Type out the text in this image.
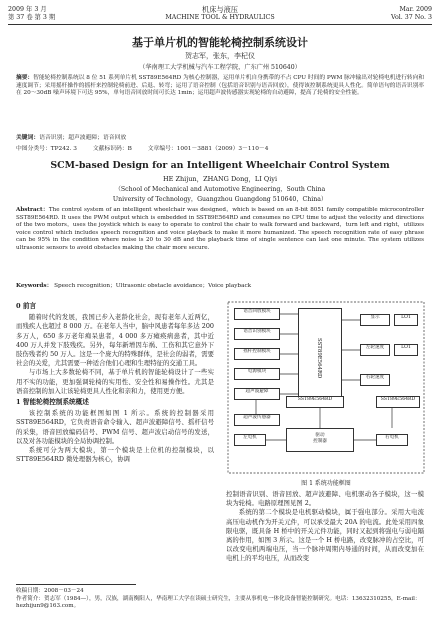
2009 年 3 月
第 37 卷 第 3 期
机床与液压
MACHINE TOOL & HYDRAULICS
Mar. 2009
Vol. 37 No. 3
基于单片机的智能轮椅控制系统设计
贺志军，张东，李杞仪
（华南理工大学机械与汽车工程学院，广东广州 510640）
摘要：智能轮椅控制系统以 8 位 51 系列单片机 SST89E564RD 为核心控制器，运用单片机自身携带的不占 CPU 时间的 PWM 脉冲输出对轮椅电机进行转向和速度调节；采用摇杆操作的摇杆来控制轮椅前进、后退、转弯；运用了语音控制（包括语音识别与语音回放），使得该控制系统更具人性化。简单语句的语音识别率在 20～30dB 噪声环境下可达 95%，单句语音回放时间可长达 1min；运用超声波传感器实现轮椅的自动避障，提高了轮椅的安全性能。
关键词：语音识别；超声波避障；语音回放
中图分类号：TP242. 3	文献标识码：B	文章编号：1001－3881（2009）3－110－4
SCM-based Design for an Intelligent Wheelchair Control System
HE Zhijun，ZHANG Dong，LI Qiyi
（School of Mechanical and Automotive Engineering，South China
University of Technology，Guangzhou Guangdong 510640，China）
Abstract：The control system of an intelligent wheelchair was designed，which is based on an 8-bit 8051 family compatible microcontroller SST89E564RD. It uses the PWM output which is embedded in SST89E564RD and consumes no CPU time to adjust the velocity and directions of the two motors，uses the joystick which is easy to operate to control the chair to walk forward and backward，turn left and right，utilizes voice control which includes speech recognition and voice playback to make it more humanized. The speech recognition rate of easy phrase can be 95% in the condition where noise is 20 to 30 dB and the playback time of single sentence can last one minute. The system utilizes ultrasonic sensors to avoid obstacles making the chair more secure.
Keywords： Speech recognition；Ultrasonic obstacle avoidance；Voice playback
0 前言

随着时代的发展，我国已步入老龄化社会，现有老年人近两亿，而残疾人也超过 8 000 万。在老年人当中，脑中风患者每年多达 200 多万人，650 多万老年痴呆患者，4 000 多万瘫痪病患者，其中近 400 万人并发下肢残疾。另外，每年新增因车祸、工伤和其它意外下肢伤残者约 50 万人。这是一个庞大的特殊群体，是社会的弱者，需要社会的关爱，尤其需要一种适合他们心理和生理特征的交通工具。

与市场上大多数轮椅不同，基于单片机的智能轮椅设计了一些实用不实的功能，更加强调轮椅的实用性、安全性和易操作性。尤其是语音控制的加入让该轮椅更具人性化和亲和力，使用更方便。

1 智能轮椅控制系统概述

该控制系统的功能框图如图 1 所示。系统的控制器采用 SST89E564RD，它负责语音命令输入、超声波避障信号、摇杆信号的采集，语音回放编码信号、PWM 信号、超声波启动信号的发送，以及对各功能模块的全局协调控制。

系统可分为两大模块，第一个模块是上位机的控制模块，以 STT89E564RD 微处理器为核心，协调

语音回放模块
语音识别模块
摇杆控制模块
电源模块
超声波避障
超声波传感器
SST89E564RD
显示
左轮速度
右轮速度
LO1
LO1
SST89E564RD
SST89E564RD
驱动
控制器
左电机	右电机
图 1 系统功能框图

控制语音识别、语音回放、超声波避障、电机驱动各子模块，这一模块为轮椅。电路原理图见图 2。

系统的第二个模块是电机驱动模块，属于强电部分。采用大电流高压电动机作为开关元件，可以承受最大 20A 的电流。此处采用四象限电驱，既具备 H 桥中的开关元件功能，同时又起到将强电与弱电隔离的作用，如图 3 所示。这是一个 H 桥电路，改变脉冲的占空比，可以改变电机两端电压，当一个脉冲周期内导通的时间，从而改变加在电机上的平均电压，从而改变

收稿日期：2008－03－24
作者简介：贺志军（1984—），男，汉族，湖南衡阳人，华南理工大学在读硕士研究生，主要从事机电一体化设备智能控制研究。电话：13632310255，E-mail：hezhijun9@163.com。
